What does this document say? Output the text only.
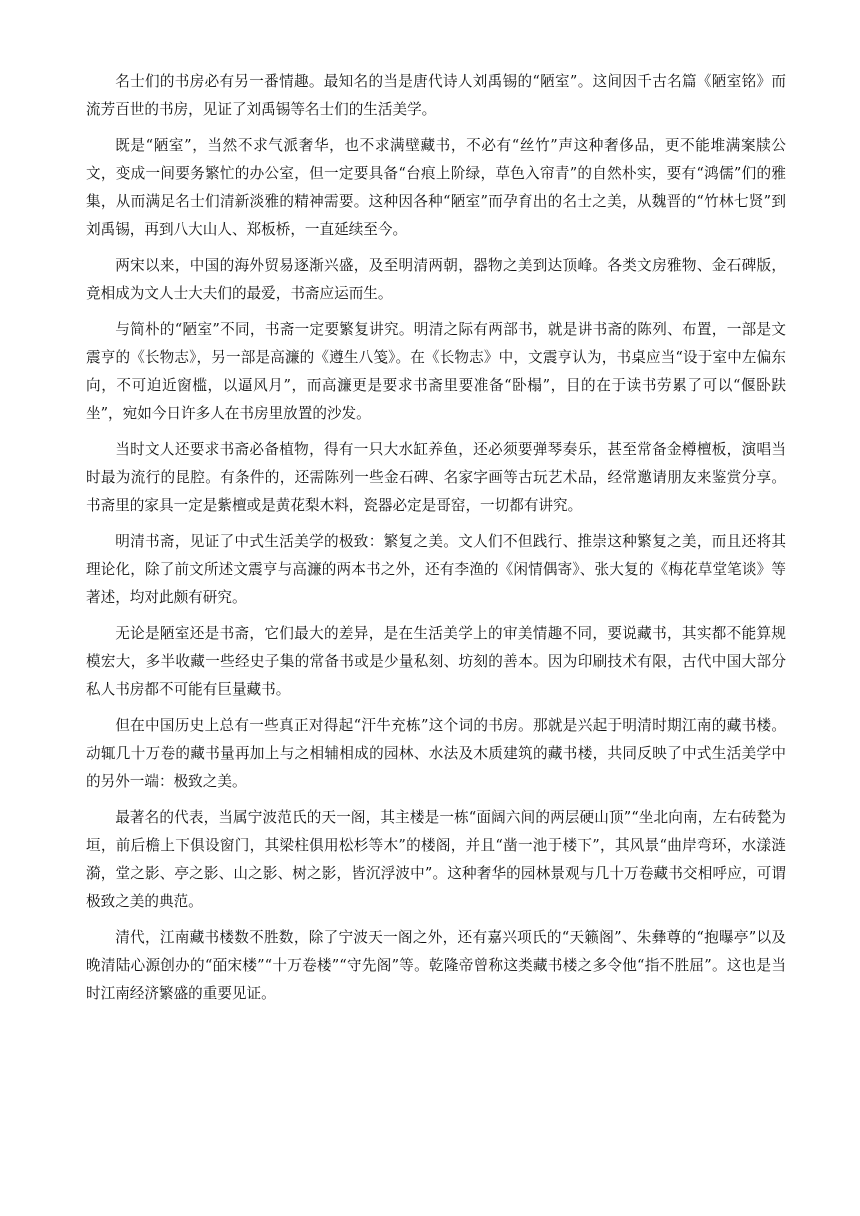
名士们的书房必有另一番情趣。最知名的当是唐代诗人刘禹锡的“陋室”。这间因千古名篇《陋室铭》而流芳百世的书房，见证了刘禹锡等名士们的生活美学。

既是“陋室”，当然不求气派奢华，也不求满壁藏书，不必有“丝竹”声这种奢侈品，更不能堆满案牍公文，变成一间要务繁忙的办公室，但一定要具备“台痕上阶绿，草色入帘青”的自然朴实，要有“鸿儒”们的雅集，从而满足名士们清新淡雅的精神需要。这种因各种“陋室”而孕育出的名士之美，从魏晋的“竹林七贤”到刘禹锡，再到八大山人、郑板桥，一直延续至今。

两宋以来，中国的海外贸易逐渐兴盛，及至明清两朝，器物之美到达顶峰。各类文房雅物、金石碑版，竟相成为文人士大夫们的最爱，书斋应运而生。

与简朴的“陋室”不同，书斋一定要繁复讲究。明清之际有两部书，就是讲书斋的陈列、布置，一部是文震亨的《长物志》，另一部是高濂的《遵生八笺》。在《长物志》中，文震亨认为，书桌应当“设于室中左偏东向，不可迫近窗槛，以逼风月”，而高濂更是要求书斋里要准备“卧榻”，目的在于读书劳累了可以“偃卧趺坐”，宛如今日许多人在书房里放置的沙发。

当时文人还要求书斋必备植物，得有一只大水缸养鱼，还必须要弹琴奏乐，甚至常备金樽檀板，演唱当时最为流行的昆腔。有条件的，还需陈列一些金石碑、名家字画等古玩艺术品，经常邀请朋友来鉴赏分享。书斋里的家具一定是紫檀或是黄花梨木料，瓷器必定是哥窑，一切都有讲究。

明清书斋，见证了中式生活美学的极致：繁复之美。文人们不但践行、推崇这种繁复之美，而且还将其理论化，除了前文所述文震亨与高濂的两本书之外，还有李渔的《闲情偶寄》、张大复的《梅花草堂笔谈》等著述，均对此颇有研究。

无论是陋室还是书斋，它们最大的差异，是在生活美学上的审美情趣不同，要说藏书，其实都不能算规模宏大，多半收藏一些经史子集的常备书或是少量私刻、坊刻的善本。因为印刷技术有限，古代中国大部分私人书房都不可能有巨量藏书。

但在中国历史上总有一些真正对得起“汗牛充栋”这个词的书房。那就是兴起于明清时期江南的藏书楼。动辄几十万卷的藏书量再加上与之相辅相成的园林、水法及木质建筑的藏书楼，共同反映了中式生活美学中的另外一端：极致之美。

最著名的代表，当属宁波范氏的天一阁，其主楼是一栋“面阔六间的两层硬山顶”“坐北向南，左右砖甃为垣，前后檐上下俱设窗门，其梁柱俱用松杉等木”的楼阁，并且“凿一池于楼下”，其风景“曲岸弯环，水漾涟漪，堂之影、亭之影、山之影、树之影，皆沉浮波中”。这种奢华的园林景观与几十万卷藏书交相呼应，可谓极致之美的典范。

清代，江南藏书楼数不胜数，除了宁波天一阁之外，还有嘉兴项氏的“天籁阁”、朱彝尊的“抱曝亭”以及晚清陆心源创办的“皕宋楼”“十万卷楼”“守先阁”等。乾隆帝曾称这类藏书楼之多令他“指不胜屈”。这也是当时江南经济繁盛的重要见证。
